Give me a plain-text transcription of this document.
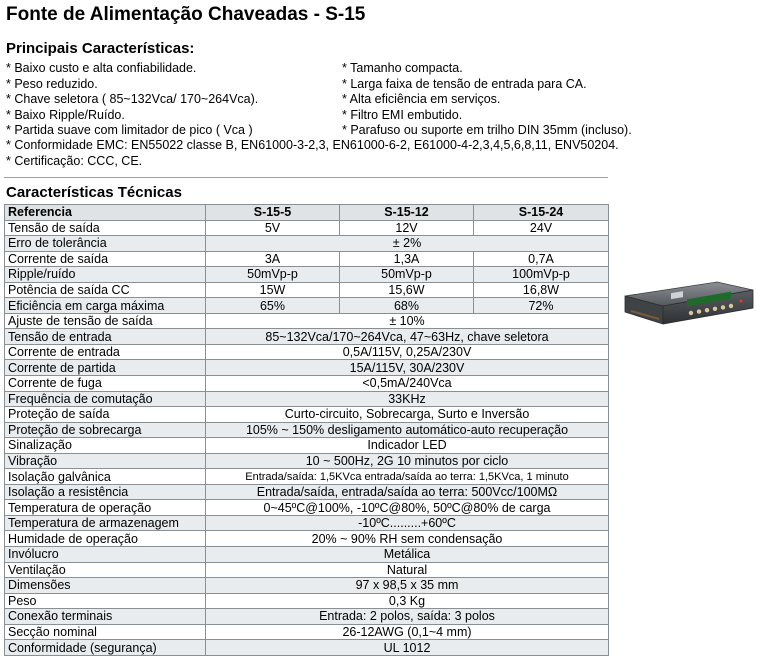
Fonte de Alimentação Chaveadas - S-15
Principais Características:
* Baixo custo e alta confiabilidade.
* Peso reduzido.
* Chave seletora ( 85~132Vca/ 170~264Vca).
* Baixo Ripple/Ruído.
* Partida suave com limitador de pico ( Vca )
* Tamanho compacta.
* Larga faixa de tensão de entrada para CA.
* Alta eficiência em serviços.
* Filtro EMI embutido.
* Parafuso ou suporte em trilho DIN 35mm (incluso).
* Conformidade EMC: EN55022 classe B, EN61000-3-2,3, EN61000-6-2, E61000-4-2,3,4,5,6,8,11, ENV50204.
* Certificação: CCC, CE.
Características Técnicas
Referencia	S-15-5	S-15-12	S-15-24
Tensão de saída	5V	12V	24V
Erro de tolerância	± 2%		
Corrente de saída	3A	1,3A	0,7A
Ripple/ruído	50mVp-p	50mVp-p	100mVp-p
Potência de saída CC	15W	15,6W	16,8W
Eficiência em carga máxima	65%	68%	72%
Ajuste de tensão de saída	± 10%		
Tensão de entrada	85~132Vca/170~264Vca, 47~63Hz, chave seletora		
Corrente de entrada	0,5A/115V, 0,25A/230V		
Corrente de partida	15A/115V, 30A/230V		
Corrente de fuga	<0,5mA/240Vca		
Frequência de comutação	33KHz		
Proteção de saída	Curto-circuito, Sobrecarga, Surto e Inversão		
Proteção de sobrecarga	105% ~ 150% desligamento automático-auto recuperação		
Sinalização	Indicador LED		
Vibração	10 ~ 500Hz, 2G 10 minutos por ciclo		
Isolação galvânica	Entrada/saída: 1,5KVca entrada/saída ao terra: 1,5KVca, 1 minuto		
Isolação a resistência	Entrada/saída, entrada/saída ao terra: 500Vcc/100MΩ		
Temperatura de operação	0~45ºC@100%, -10ºC@80%, 50ºC@80% de carga		
Temperatura de armazenagem	-10ºC.........+60ºC		
Humidade de operação	20% ~ 90% RH sem condensação		
Invólucro	Metálica		
Ventilação	Natural		
Dimensões	97 x 98,5 x 35 mm		
Peso	0,3 Kg		
Conexão terminais	Entrada: 2 polos, saída: 3 polos		
Secção nominal	26-12AWG (0,1~4 mm)		
Conformidade (segurança)	UL 1012		
